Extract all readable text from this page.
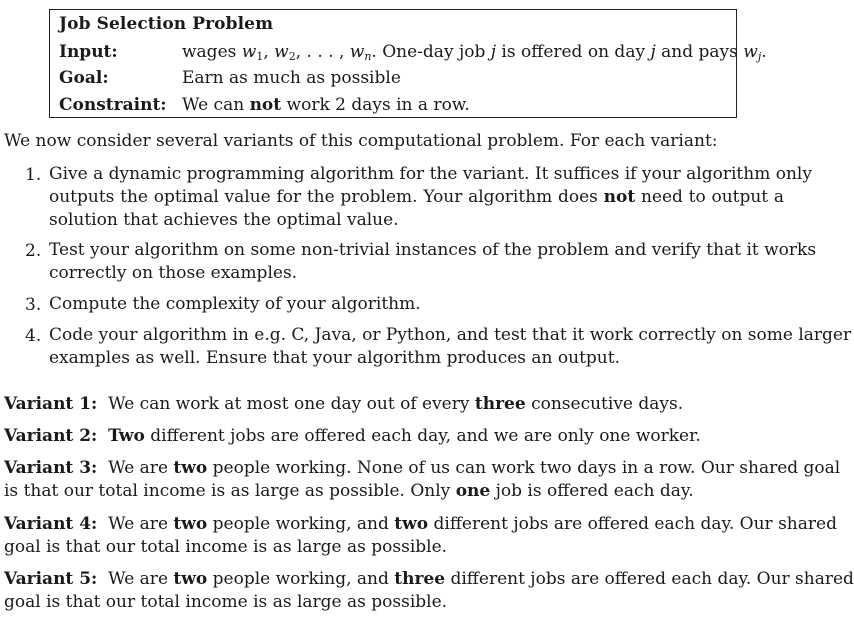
Job Selection Problem
Input:	wages $w_1$, $w_2$, . . . , $w_n$. One-day job j is offered on day j and pays $w_j$.
Goal:	Earn as much as possible
Constraint: We can not work 2 days in a row.
We now consider several variants of this computational problem. For each variant:
1. Give a dynamic programming algorithm for the variant. It suffices if your algorithm only
outputs the optimal value for the problem. Your algorithm does not need to output a
solution that achieves the optimal value.
2. Test your algorithm on some non-trivial instances of the problem and verify that it works
correctly on those examples.
3. Compute the complexity of your algorithm.
4. Code your algorithm in e.g. C, Java, or Python, and test that it work correctly on some larger
examples as well. Ensure that your algorithm produces an output.
Variant 1: We can work at most one day out of every three consecutive days.
Variant 2: Two different jobs are offered each day, and we are only one worker.
Variant 3: We are two people working. None of us can work two days in a row. Our shared goal
is that our total income is as large as possible. Only one job is offered each day.
Variant 4: We are two people working, and two different jobs are offered each day. Our shared
goal is that our total income is as large as possible.
Variant 5: We are two people working, and three different jobs are offered each day. Our shared
goal is that our total income is as large as possible.
